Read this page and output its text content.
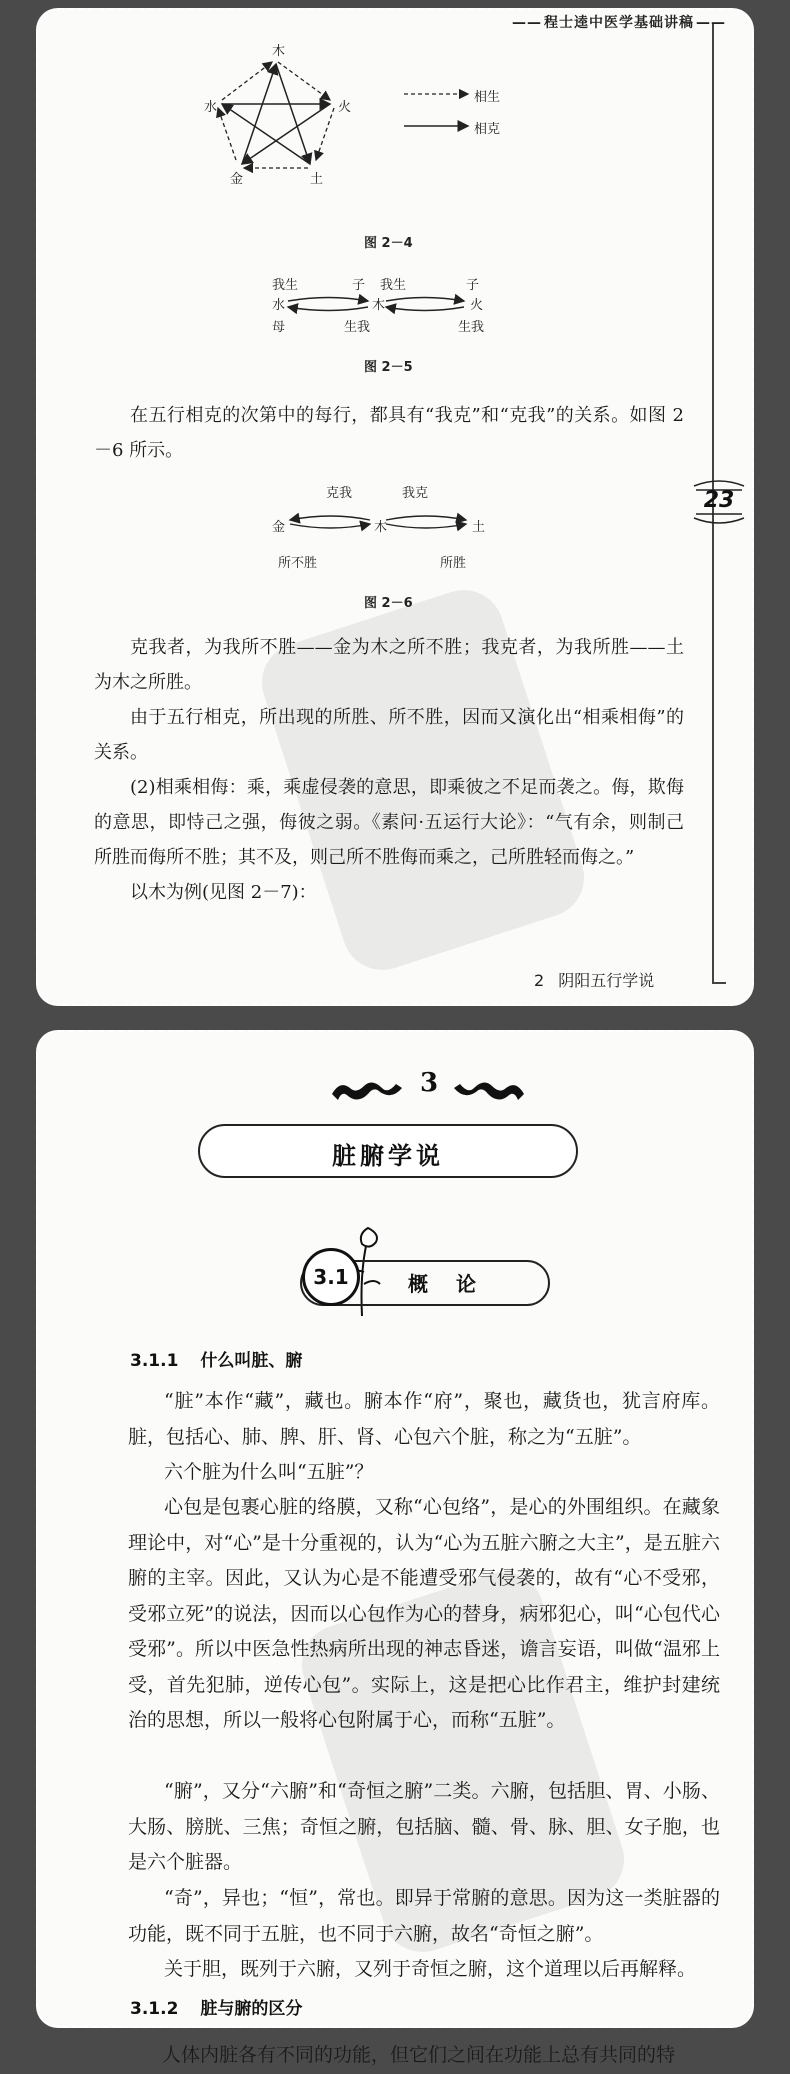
—— 程士逵中医学基础讲稿 ——
木
水	火
金	土
相生
相克
图 2－4
我生	子 我生	子
水	木	火
母	生我	生我
图 2－5
在五行相克的次第中的每行，都具有“我克”和“克我”的关系。如图 2－6 所示。
克我	我克
金	木	土
所不胜	所胜
图 2－6
克我者，为我所不胜——金为木之所不胜；我克者，为我所胜——土为木之所胜。
由于五行相克，所出现的所胜、所不胜，因而又演化出“相乘相侮”的关系。
(2)相乘相侮：乘，乘虚侵袭的意思，即乘彼之不足而袭之。侮，欺侮的意思，即恃己之强，侮彼之弱。《素问·五运行大论》：“气有余，则制己所胜而侮所不胜；其不及，则己所不胜侮而乘之，己所胜轻而侮之。”
以木为例(见图 2－7)：
23
2 阴阳五行学说
3
脏腑学说
3.1	概论
3.1.1 什么叫脏、腑
“脏”本作“藏”，藏也。腑本作“府”，聚也，藏货也，犹言府库。脏，包括心、肺、脾、肝、肾、心包六个脏，称之为“五脏”。
六个脏为什么叫“五脏”？
心包是包裹心脏的络膜，又称“心包络”，是心的外围组织。在藏象理论中，对“心”是十分重视的，认为“心为五脏六腑之大主”，是五脏六腑的主宰。因此，又认为心是不能遭受邪气侵袭的，故有“心不受邪，受邪立死”的说法，因而以心包作为心的替身，病邪犯心，叫“心包代心受邪”。所以中医急性热病所出现的神志昏迷，谵言妄语，叫做“温邪上受，首先犯肺，逆传心包”。实际上，这是把心比作君主，维护封建统治的思想，所以一般将心包附属于心，而称“五脏”。
“腑”，又分“六腑”和“奇恒之腑”二类。六腑，包括胆、胃、小肠、大肠、膀胱、三焦；奇恒之腑，包括脑、髓、骨、脉、胆、女子胞，也是六个脏器。
“奇”，异也；“恒”，常也。即异于常腑的意思。因为这一类脏器的功能，既不同于五脏，也不同于六腑，故名“奇恒之腑”。
关于胆，既列于六腑，又列于奇恒之腑，这个道理以后再解释。
3.1.2 脏与腑的区分
人体内脏各有不同的功能，但它们之间在功能上总有共同的特
